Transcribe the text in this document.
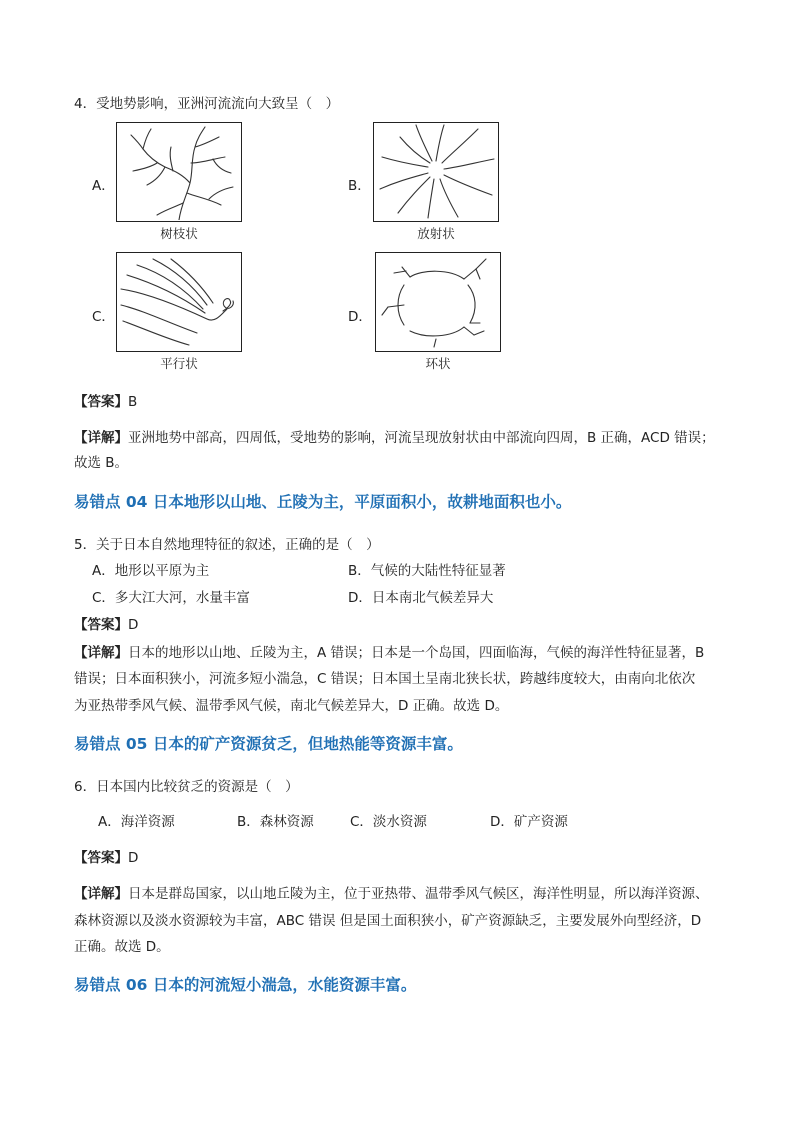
4．受地势影响，亚洲河流流向大致呈（　）
A．
树枝状
B．
放射状
C．
平行状
D．
环状
【答案】B
【详解】亚洲地势中部高，四周低，受地势的影响，河流呈现放射状由中部流向四周，B 正确，ACD 错误；
故选 B。
易错点 04 日本地形以山地、丘陵为主，平原面积小，故耕地面积也小。
5．关于日本自然地理特征的叙述，正确的是（　）
A．地形以平原为主	B．气候的大陆性特征显著
C．多大江大河，水量丰富	D．日本南北气候差异大
【答案】D
【详解】日本的地形以山地、丘陵为主，A 错误；日本是一个岛国，四面临海，气候的海洋性特征显著，B
错误；日本面积狭小，河流多短小湍急，C 错误；日本国土呈南北狭长状，跨越纬度较大，由南向北依次
为亚热带季风气候、温带季风气候，南北气候差异大，D 正确。故选 D。
易错点 05 日本的矿产资源贫乏，但地热能等资源丰富。
6．日本国内比较贫乏的资源是（　）
A．海洋资源	B．森林资源	C．淡水资源	D．矿产资源
【答案】D
【详解】日本是群岛国家，以山地丘陵为主，位于亚热带、温带季风气候区，海洋性明显，所以海洋资源、
森林资源以及淡水资源较为丰富，ABC 错误 但是国土面积狭小，矿产资源缺乏，主要发展外向型经济，D
正确。故选 D。
易错点 06 日本的河流短小湍急，水能资源丰富。
